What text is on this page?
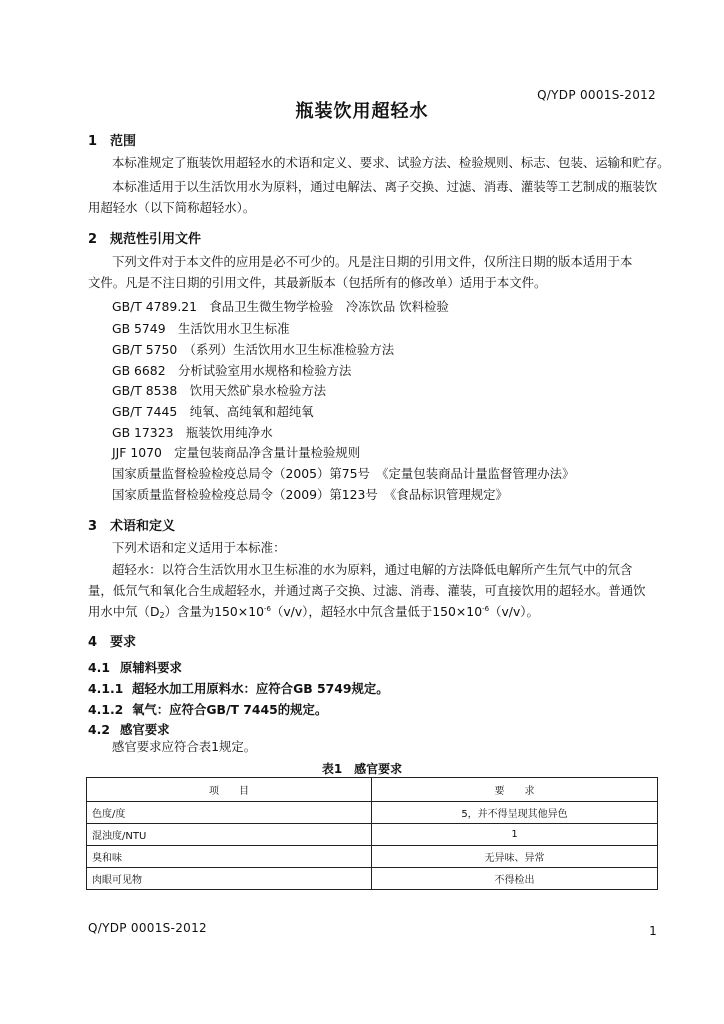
Q/YDP 0001S-2012
瓶装饮用超轻水
1 范围
本标准规定了瓶装饮用超轻水的术语和定义、要求、试验方法、检验规则、标志、包装、运输和贮存。
本标准适用于以生活饮用水为原料，通过电解法、离子交换、过滤、消毒、灌装等工艺制成的瓶装饮
用超轻水（以下简称超轻水）。
2 规范性引用文件
下列文件对于本文件的应用是必不可少的。凡是注日期的引用文件，仅所注日期的版本适用于本
文件。凡是不注日期的引用文件，其最新版本（包括所有的修改单）适用于本文件。
GB/T 4789.21　食品卫生微生物学检验　冷冻饮品 饮料检验
GB 5749　生活饮用水卫生标准
GB/T 5750　（系列）生活饮用水卫生标准检验方法
GB 6682　分析试验室用水规格和检验方法
GB/T 8538　饮用天然矿泉水检验方法
GB/T 7445　纯氧、高纯氧和超纯氧
GB 17323　瓶装饮用纯净水
JJF 1070　定量包装商品净含量计量检验规则
国家质量监督检验检疫总局令（2005）第75号　《定量包装商品计量监督管理办法》
国家质量监督检验检疫总局令（2009）第123号　《食品标识管理规定》
3 术语和定义
下列术语和定义适用于本标准：
超轻水：以符合生活饮用水卫生标准的水为原料，通过电解的方法降低电解所产生氘气中的氘含
量，低氘气和氧化合生成超轻水，并通过离子交换、过滤、消毒、灌装，可直接饮用的超轻水。普通饮
用水中氘$(D_2)$含量为$150\times 10^{-6}(v/v)$，超轻水中氘含量低于$150\times 10^{-6}(v/v)$。
4 要求
4.1 原辅料要求
4.1.1 超轻水加工用原料水：应符合GB 5749规定。
4.1.2 氧气：应符合GB/T 7445的规定。
4.2 感官要求
感官要求应符合表1规定。
表1　感官要求
项　　目	要　　求
色度/度	5，并不得呈现其他异色
混浊度/NTU	1
臭和味	无异味、异常
肉眼可见物	不得检出
Q/YDP 0001S-2012	1
